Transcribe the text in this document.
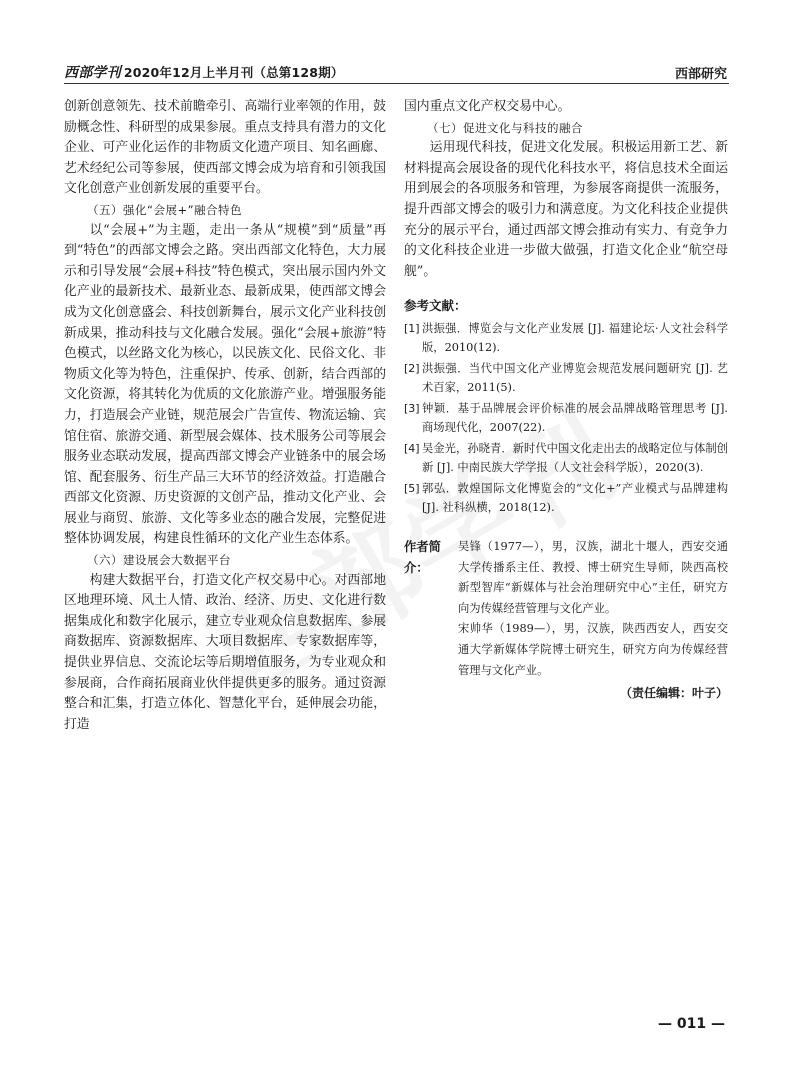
西部学刊 2020年12月上半月刊（总第128期）	西部研究

创新创意领先、技术前瞻牵引、高端行业率领的作用，鼓励概念性、科研型的成果参展。重点支持具有潜力的文化企业、可产业化运作的非物质文化遗产项目、知名画廊、艺术经纪公司等参展，使西部文博会成为培育和引领我国文化创意产业创新发展的重要平台。

（五）强化“会展+”融合特色

以“会展+”为主题，走出一条从“规模”到“质量”再到“特色”的西部文博会之路。突出西部文化特色，大力展示和引导发展“会展+科技”特色模式，突出展示国内外文化产业的最新技术、最新业态、最新成果，使西部文博会成为文化创意盛会、科技创新舞台，展示文化产业科技创新成果，推动科技与文化融合发展。强化“会展+旅游”特色模式，以丝路文化为核心，以民族文化、民俗文化、非物质文化等为特色，注重保护、传承、创新，结合西部的文化资源，将其转化为优质的文化旅游产业。增强服务能力，打造展会产业链，规范展会广告宣传、物流运输、宾馆住宿、旅游交通、新型展会媒体、技术服务公司等展会服务业态联动发展，提高西部文博会产业链条中的展会场馆、配套服务、衍生产品三大环节的经济效益。打造融合西部文化资源、历史资源的文创产品，推动文化产业、会展业与商贸、旅游、文化等多业态的融合发展，完整促进整体协调发展，构建良性循环的文化产业生态体系。

（六）建设展会大数据平台

构建大数据平台，打造文化产权交易中心。对西部地区地理环境、风土人情、政治、经济、历史、文化进行数据集成化和数字化展示，建立专业观众信息数据库、参展商数据库、资源数据库、大项目数据库、专家数据库等，提供业界信息、交流论坛等后期增值服务，为专业观众和参展商，合作商拓展商业伙伴提供更多的服务。通过资源整合和汇集，打造立体化、智慧化平台，延伸展会功能，打造

国内重点文化产权交易中心。

（七）促进文化与科技的融合

运用现代科技，促进文化发展。积极运用新工艺、新材料提高会展设备的现代化科技水平，将信息技术全面运用到展会的各项服务和管理，为参展客商提供一流服务，提升西部文博会的吸引力和满意度。为文化科技企业提供充分的展示平台，通过西部文博会推动有实力、有竞争力的文化科技企业进一步做大做强，打造文化企业“航空母舰”。

参考文献：
[1] 洪振强．博览会与文化产业发展 [J]. 福建论坛·人文社会科学版，2010(12).
[2] 洪振强．当代中国文化产业博览会规范发展问题研究 [J]. 艺术百家，2011(5).
[3] 钟颖．基于品牌展会评价标准的展会品牌战略管理思考 [J]. 商场现代化，2007(22).
[4] 吴金光，孙晓青．新时代中国文化走出去的战略定位与体制创新 [J]. 中南民族大学学报（人文社会科学版），2020(3).
[5] 郭弘．敦煌国际文化博览会的“文化+”产业模式与品牌建构 [J]. 社科纵横，2018(12).
作者简介：

吴锋（1977—），男，汉族，湖北十堰人，西安交通大学传播系主任、教授、博士研究生导师，陕西高校新型智库“新媒体与社会治理研究中心”主任，研究方向为传媒经营管理与文化产业。

宋帅华（1989—），男，汉族，陕西西安人，西安交通大学新媒体学院博士研究生，研究方向为传媒经营管理与文化产业。

（责任编辑：叶子）
— 011 —
